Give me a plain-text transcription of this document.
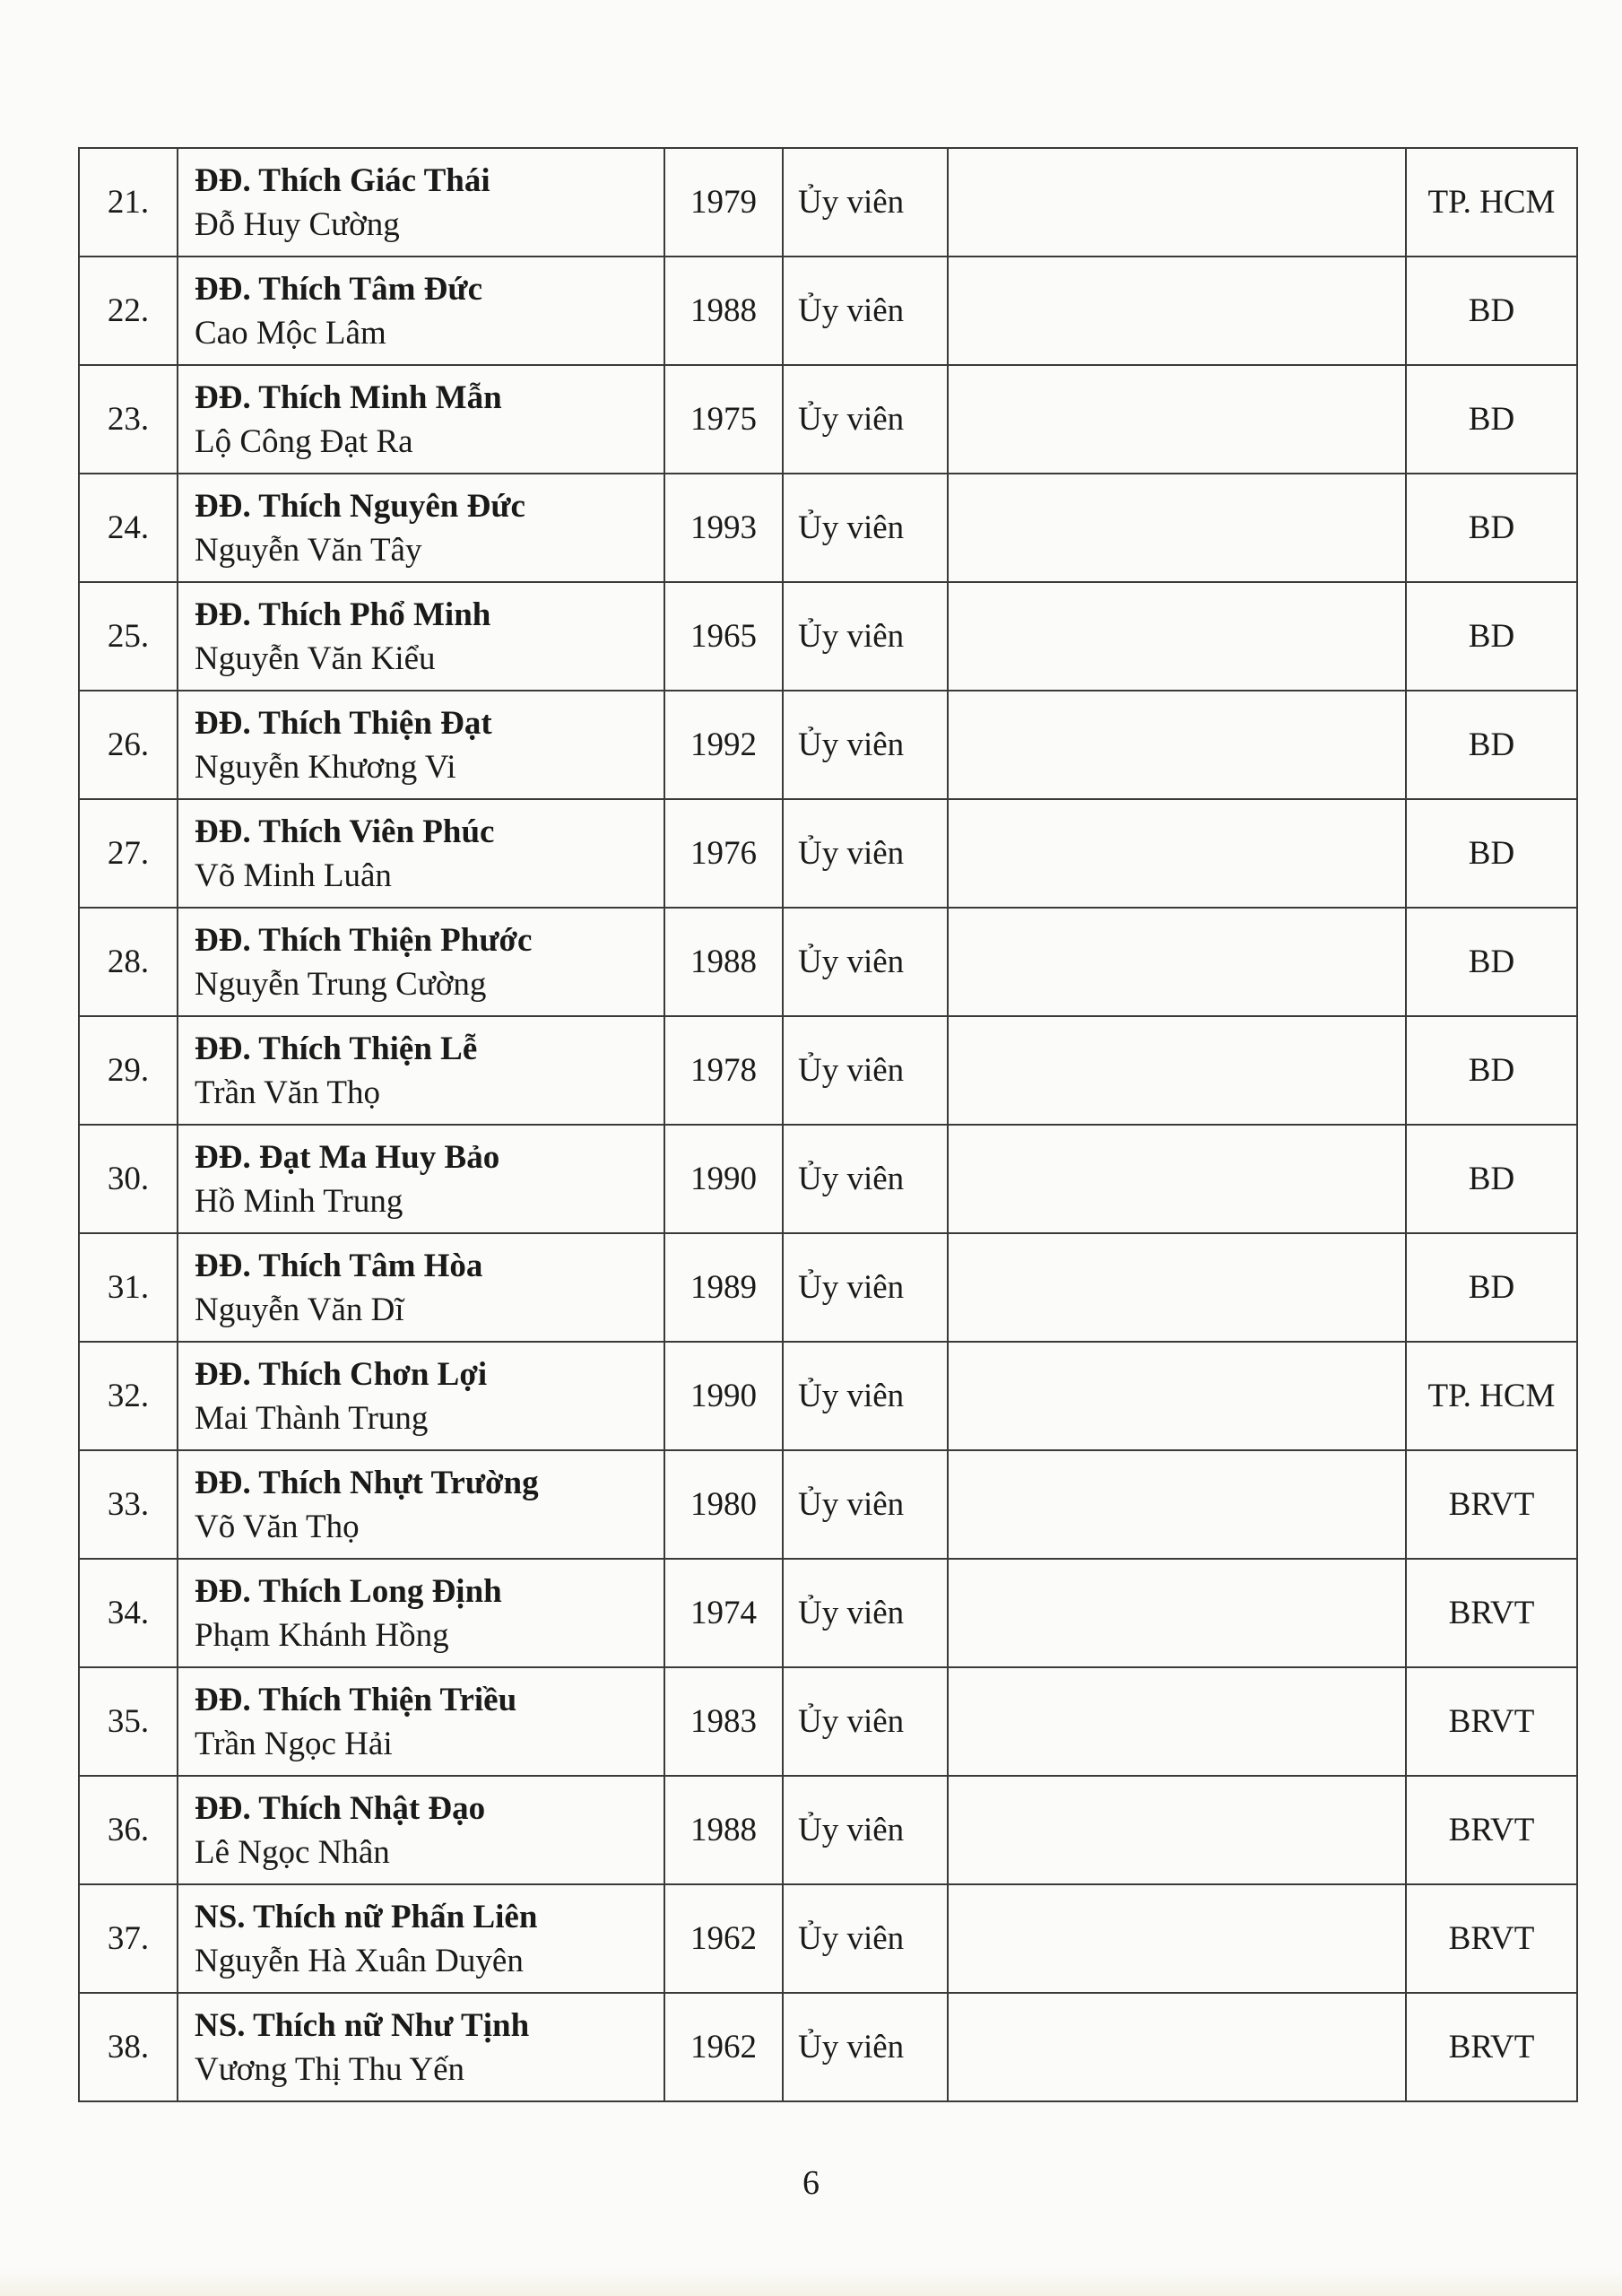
21.	ĐĐ. Thích Giác Thái
Đỗ Huy Cường	1979	Ủy viên		TP. HCM
22.	ĐĐ. Thích Tâm Đức
Cao Mộc Lâm	1988	Ủy viên		BD
23.	ĐĐ. Thích Minh Mẫn
Lộ Công Đạt Ra	1975	Ủy viên		BD
24.	ĐĐ. Thích Nguyên Đức
Nguyễn Văn Tây	1993	Ủy viên		BD
25.	ĐĐ. Thích Phổ Minh
Nguyễn Văn Kiểu	1965	Ủy viên		BD
26.	ĐĐ. Thích Thiện Đạt
Nguyễn Khương Vi	1992	Ủy viên		BD
27.	ĐĐ. Thích Viên Phúc
Võ Minh Luân	1976	Ủy viên		BD
28.	ĐĐ. Thích Thiện Phước
Nguyễn Trung Cường	1988	Ủy viên		BD
29.	ĐĐ. Thích Thiện Lễ
Trần Văn Thọ	1978	Ủy viên		BD
30.	ĐĐ. Đạt Ma Huy Bảo
Hồ Minh Trung	1990	Ủy viên		BD
31.	ĐĐ. Thích Tâm Hòa
Nguyễn Văn Dĩ	1989	Ủy viên		BD
32.	ĐĐ. Thích Chơn Lợi
Mai Thành Trung	1990	Ủy viên		TP. HCM
33.	ĐĐ. Thích Nhựt Trường
Võ Văn Thọ	1980	Ủy viên		BRVT
34.	ĐĐ. Thích Long Định
Phạm Khánh Hồng	1974	Ủy viên		BRVT
35.	ĐĐ. Thích Thiện Triều
Trần Ngọc Hải	1983	Ủy viên		BRVT
36.	ĐĐ. Thích Nhật Đạo
Lê Ngọc Nhân	1988	Ủy viên		BRVT
37.	NS. Thích nữ Phấn Liên
Nguyễn Hà Xuân Duyên	1962	Ủy viên		BRVT
38.	NS. Thích nữ Như Tịnh
Vương Thị Thu Yến	1962	Ủy viên		BRVT
6
